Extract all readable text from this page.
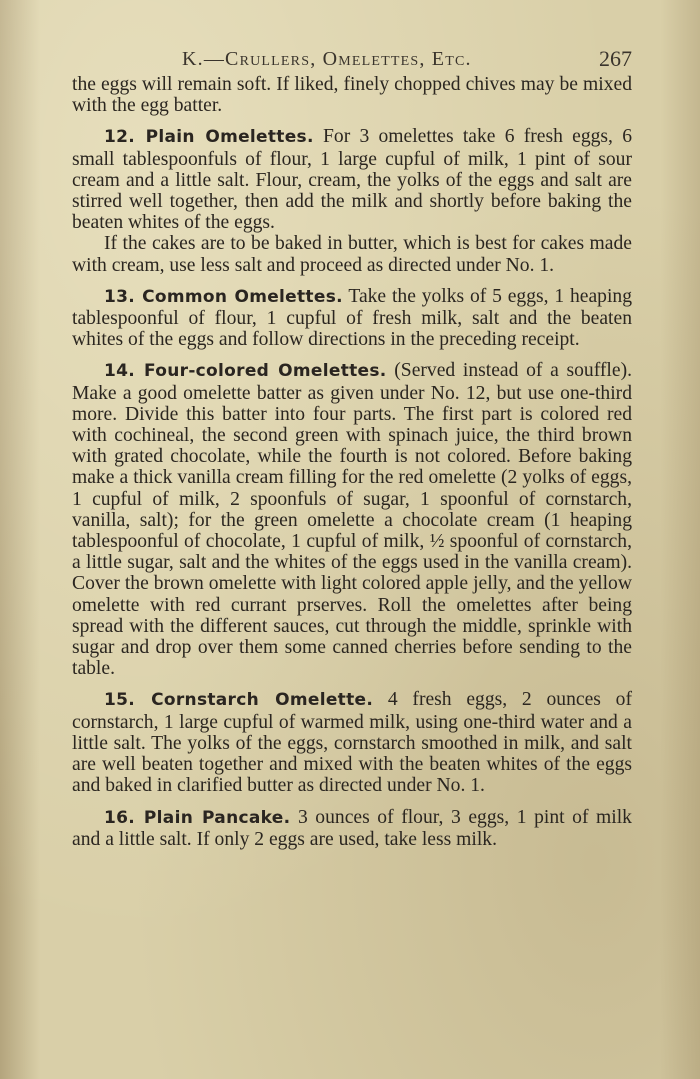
K.—Crullers, Omelettes, Etc.	267

the eggs will remain soft. If liked, finely chopped chives may be mixed with the egg batter.

12. Plain Omelettes. For 3 omelettes take 6 fresh eggs, 6 small tablespoonfuls of flour, 1 large cupful of milk, 1 pint of sour cream and a little salt. Flour, cream, the yolks of the eggs and salt are stirred well together, then add the milk and shortly before baking the beaten whites of the eggs.

If the cakes are to be baked in butter, which is best for cakes made with cream, use less salt and proceed as directed under No. 1.

13. Common Omelettes. Take the yolks of 5 eggs, 1 heaping tablespoonful of flour, 1 cupful of fresh milk, salt and the beaten whites of the eggs and follow directions in the preceding receipt.

14. Four-colored Omelettes. (Served instead of a souffle). Make a good omelette batter as given under No. 12, but use one-third more. Divide this batter into four parts. The first part is colored red with cochineal, the second green with spinach juice, the third brown with grated chocolate, while the fourth is not colored. Before baking make a thick vanilla cream filling for the red omelette (2 yolks of eggs, 1 cupful of milk, 2 spoonfuls of sugar, 1 spoonful of cornstarch, vanilla, salt); for the green omelette a chocolate cream (1 heaping tablespoonful of chocolate, 1 cupful of milk, ½ spoonful of cornstarch, a little sugar, salt and the whites of the eggs used in the vanilla cream). Cover the brown omelette with light colored apple jelly, and the yellow omelette with red currant prserves. Roll the omelettes after being spread with the different sauces, cut through the middle, sprinkle with sugar and drop over them some canned cherries before sending to the table.

15. Cornstarch Omelette. 4 fresh eggs, 2 ounces of cornstarch, 1 large cupful of warmed milk, using one-third water and a little salt. The yolks of the eggs, cornstarch smoothed in milk, and salt are well beaten together and mixed with the beaten whites of the eggs and baked in clarified butter as directed under No. 1.

16. Plain Pancake. 3 ounces of flour, 3 eggs, 1 pint of milk and a little salt. If only 2 eggs are used, take less milk.
